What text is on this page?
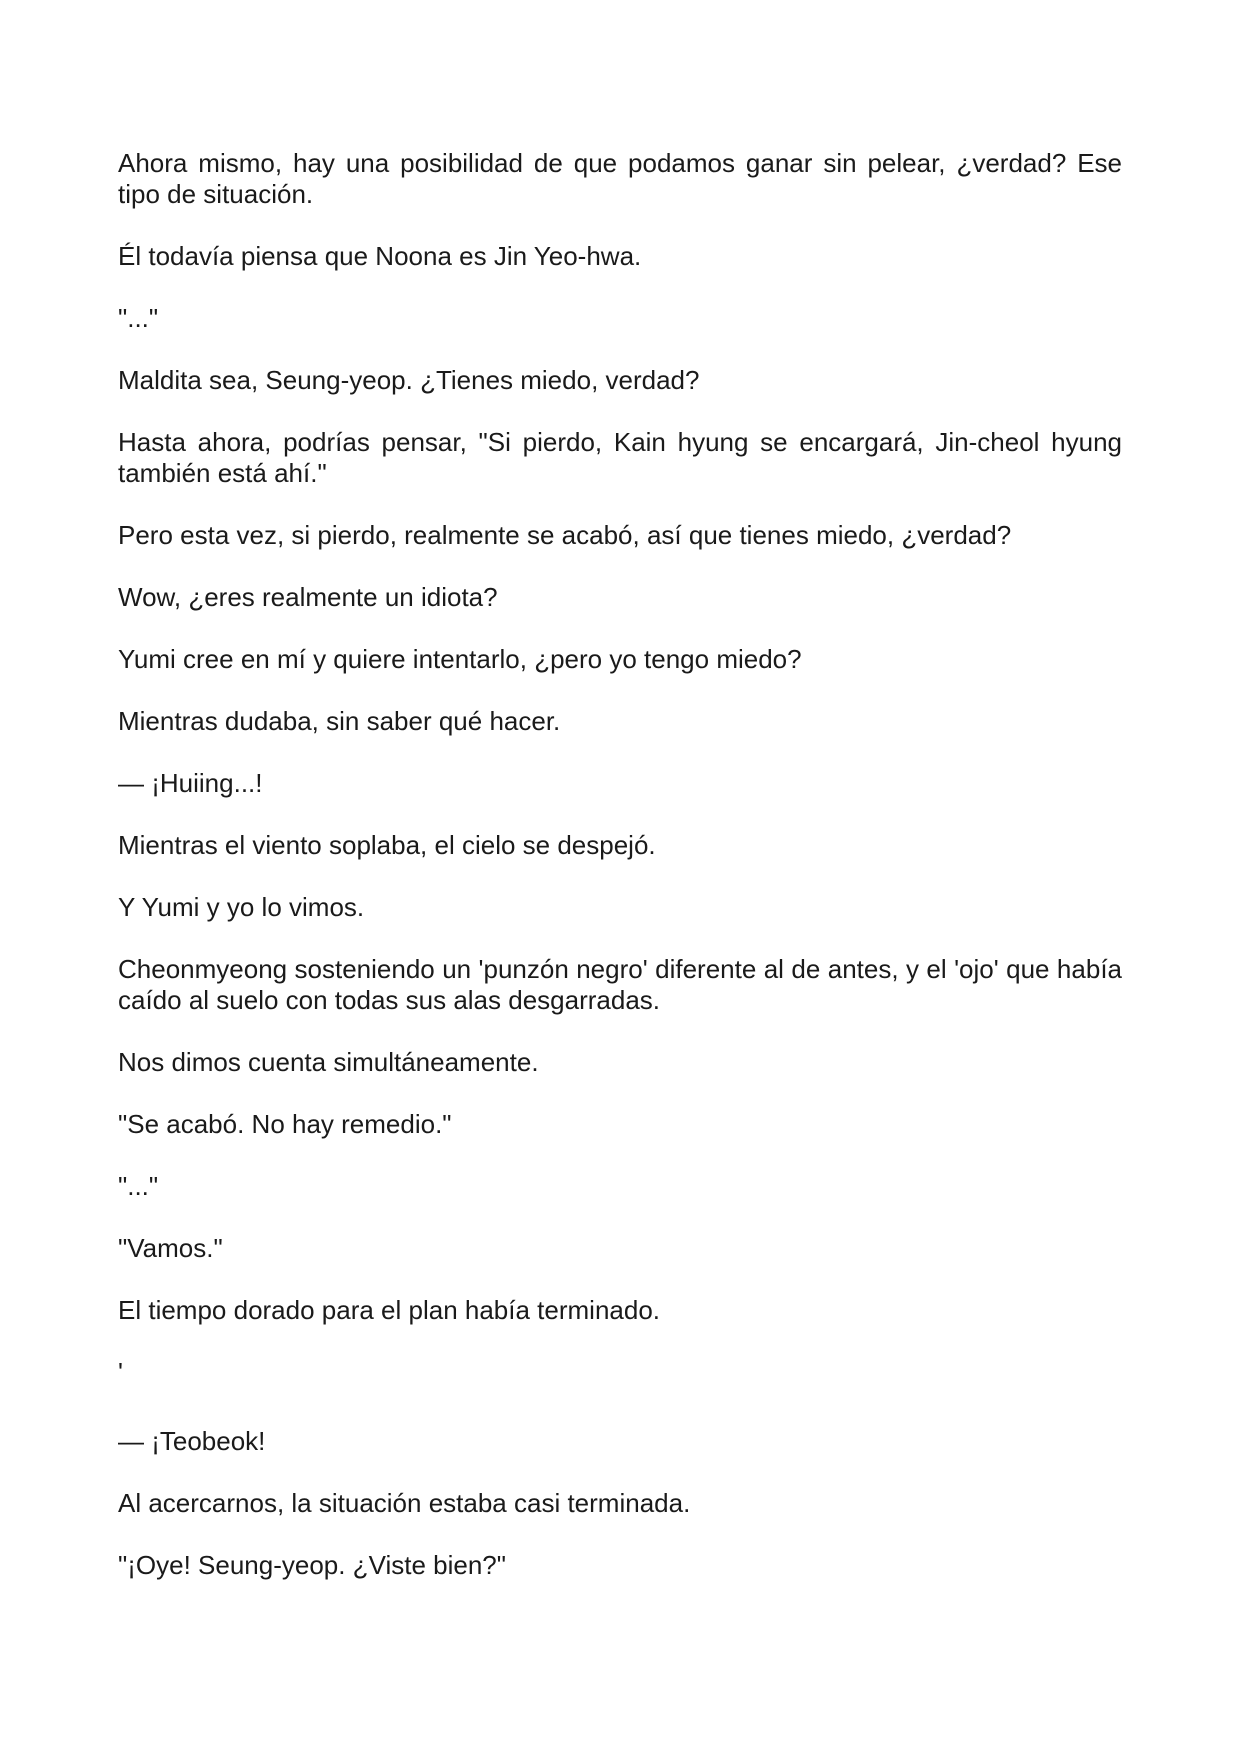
Ahora mismo, hay una posibilidad de que podamos ganar sin pelear, ¿verdad? Ese tipo de situación.

Él todavía piensa que Noona es Jin Yeo-hwa.

"..."

Maldita sea, Seung-yeop. ¿Tienes miedo, verdad?

Hasta ahora, podrías pensar, "Si pierdo, Kain hyung se encargará, Jin-cheol hyung también está ahí."

Pero esta vez, si pierdo, realmente se acabó, así que tienes miedo, ¿verdad?

Wow, ¿eres realmente un idiota?

Yumi cree en mí y quiere intentarlo, ¿pero yo tengo miedo?

Mientras dudaba, sin saber qué hacer.

— ¡Huiing...!

Mientras el viento soplaba, el cielo se despejó.

Y Yumi y yo lo vimos.

Cheonmyeong sosteniendo un 'punzón negro' diferente al de antes, y el 'ojo' que había caído al suelo con todas sus alas desgarradas.

Nos dimos cuenta simultáneamente.

"Se acabó. No hay remedio."

"..."

"Vamos."

El tiempo dorado para el plan había terminado.

'

— ¡Teobeok!

Al acercarnos, la situación estaba casi terminada.

"¡Oye! Seung-yeop. ¿Viste bien?"
